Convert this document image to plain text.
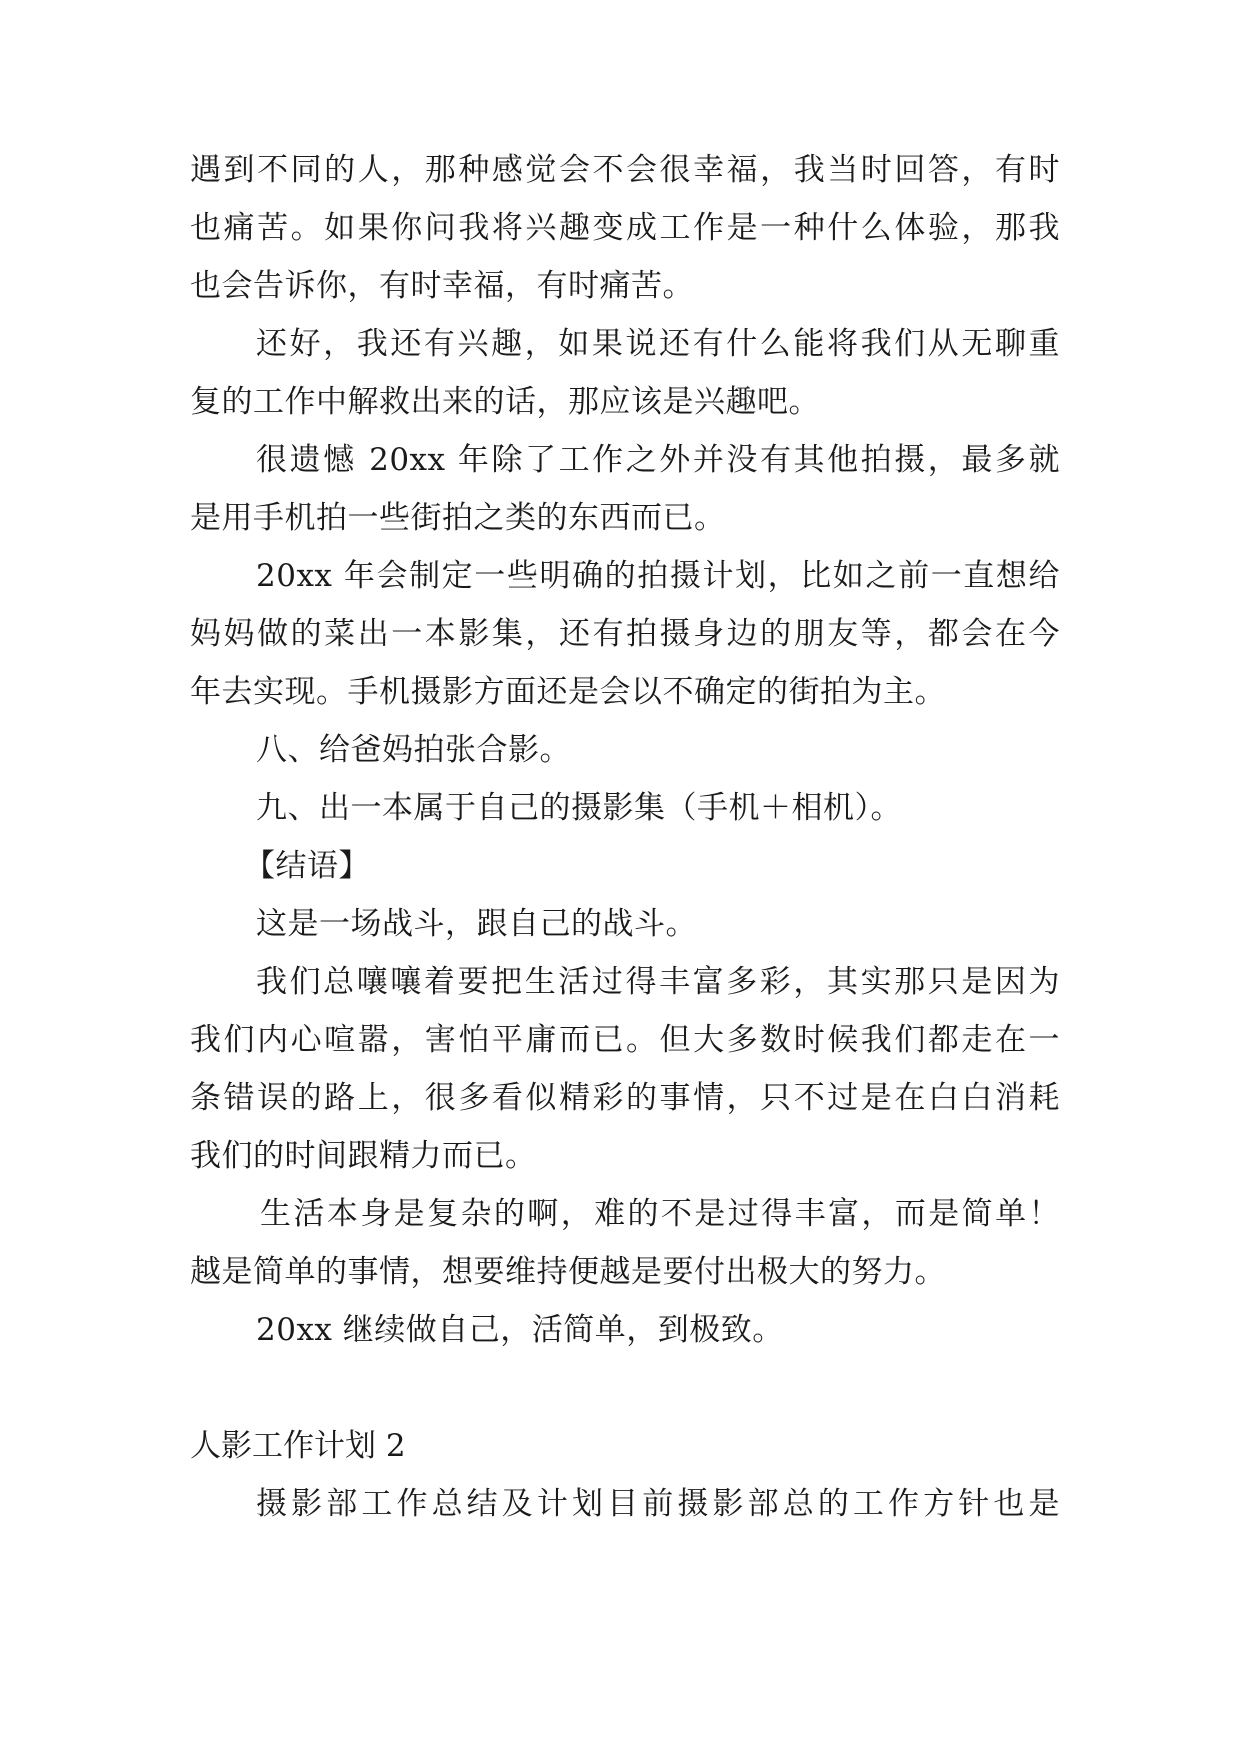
遇到不同的人，那种感觉会不会很幸福，我当时回答，有时
也痛苦。如果你问我将兴趣变成工作是一种什么体验，那我
也会告诉你，有时幸福，有时痛苦。
还好，我还有兴趣，如果说还有什么能将我们从无聊重
复的工作中解救出来的话，那应该是兴趣吧。
很遗憾 20xx 年除了工作之外并没有其他拍摄，最多就
是用手机拍一些街拍之类的东西而已。
20xx 年会制定一些明确的拍摄计划，比如之前一直想给
妈妈做的菜出一本影集，还有拍摄身边的朋友等，都会在今
年去实现。手机摄影方面还是会以不确定的街拍为主。
八、给爸妈拍张合影。
九、出一本属于自己的摄影集（手机＋相机）。
【结语】
这是一场战斗，跟自己的战斗。
我们总嚷嚷着要把生活过得丰富多彩，其实那只是因为
我们内心喧嚣，害怕平庸而已。但大多数时候我们都走在一
条错误的路上，很多看似精彩的事情，只不过是在白白消耗
我们的时间跟精力而已。
生活本身是复杂的啊，难的不是过得丰富，而是简单！
越是简单的事情，想要维持便越是要付出极大的努力。
20xx 继续做自己，活简单，到极致。
人影工作计划 2
摄影部工作总结及计划目前摄影部总的工作方针也是
